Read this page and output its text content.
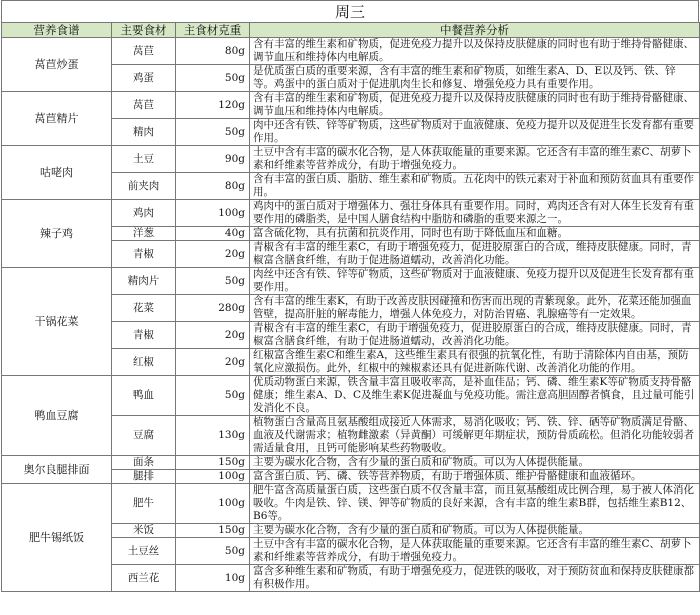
周三
营养食谱	主要食材	主食材克重	中餐营养分析
莴苣炒蛋	莴苣	80g	含有丰富的维生素和矿物质，促进免疫力提升以及保持皮肤健康的同时也有助于维持骨骼健康、调节血压和维持体内电解质。
	鸡蛋	50g	是优质蛋白质的重要来源，含有丰富的维生素和矿物质，如维生素A、D、E以及钙、铁、锌等。鸡蛋中的蛋白质对于促进肌肉生长和修复、增强免疫力具有重要作用。
莴苣精片	莴苣	120g	含有丰富的维生素和矿物质，促进免疫力提升以及保持皮肤健康的同时也有助于维持骨骼健康、调节血压和维持体内电解质。
	精肉	50g	肉中还含有铁、锌等矿物质，这些矿物质对于血液健康、免疫力提升以及促进生长发育都有重要作用。
咕咾肉	土豆	90g	土豆中含有丰富的碳水化合物，是人体获取能量的重要来源。它还含有丰富的维生素C、胡萝卜素和纤维素等营养成分，有助于增强免疫力。
	前夹肉	80g	含有丰富的蛋白质、脂肪、维生素和矿物质。五花肉中的铁元素对于补血和预防贫血具有重要作用。
辣子鸡	鸡肉	100g	鸡肉中的蛋白质对于增强体力、强壮身体具有重要作用。同时，鸡肉还含有对人体生长发育有重要作用的磷脂类，是中国人膳食结构中脂肪和磷脂的重要来源之一。
	洋葱	40g	富含硫化物，具有抗菌和抗炎作用，同时也有助于降低血压和血糖。
	青椒	20g	青椒含有丰富的维生素C，有助于增强免疫力，促进胶原蛋白的合成，维持皮肤健康。同时，青椒富含膳食纤维，有助于促进肠道蠕动，改善消化功能。
干锅花菜	精肉片	50g	肉丝中还含有铁、锌等矿物质，这些矿物质对于血液健康、免疫力提升以及促进生长发育都有重要作用。
	花菜	280g	含有丰富的维生素K，有助于改善皮肤因碰撞和伤害而出现的青紫现象。此外，花菜还能加强血管壁，提高肝脏的解毒能力，增强人体免疫力，对防治胃癌、乳腺癌等有一定效果。
	青椒	20g	青椒含有丰富的维生素C，有助于增强免疫力，促进胶原蛋白的合成，维持皮肤健康。同时，青椒富含膳食纤维，有助于促进肠道蠕动，改善消化功能。
	红椒	20g	红椒富含维生素C和维生素A，这些维生素具有很强的抗氧化性，有助于清除体内自由基，预防氧化应激损伤。此外，红椒中的辣椒素还具有促进新陈代谢、改善消化功能的作用。
鸭血豆腐	鸭血	50g	优质动物蛋白来源，铁含量丰富且吸收率高，是补血佳品；钙、磷、维生素K等矿物质支持骨骼健康；维生素A、D、C及维生素K促进凝血与免疫功能。需注意高胆固醇者慎食，且过量可能引发消化不良。
	豆腐	130g	植物蛋白含量高且氨基酸组成接近人体需求，易消化吸收；钙、铁、锌、硒等矿物质满足骨骼、血液及代谢需求；植物雌激素（异黄酮）可缓解更年期症状，预防骨质疏松。但消化功能较弱者需适量食用，且钙可能影响某些药物吸收。
奥尔良腿排面	面条	150g	主要为碳水化合物，含有少量的蛋白质和矿物质。可以为人体提供能量。
	腿排	100g	富含蛋白质、钙、磷、铁等营养物质，有助于增强体质、维护骨骼健康和血液循环。
肥牛锡纸饭	肥牛	100g	肥牛富含高质量蛋白质，这些蛋白质不仅含量丰富，而且氨基酸组成比例合理，易于被人体消化吸收。牛肉是铁、锌、镁、钾等矿物质的良好来源，含有丰富的维生素B群，包括维生素B12、B6等。
	米饭	150g	主要为碳水化合物，含有少量的蛋白质和矿物质。可以为人体提供能量。
	土豆丝	50g	土豆中含有丰富的碳水化合物，是人体获取能量的重要来源。它还含有丰富的维生素C、胡萝卜素和纤维素等营养成分，有助于增强免疫力。
	西兰花	10g	富含多种维生素和矿物质，有助于增强免疫力，促进铁的吸收，对于预防贫血和保持皮肤健康都有积极作用。
